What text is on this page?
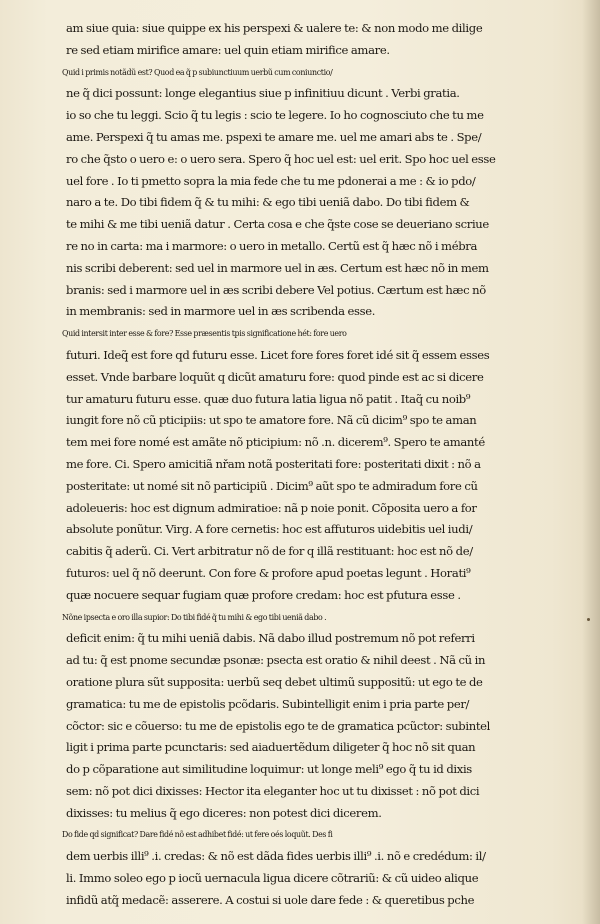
am siue quia: siue quippe ex his perspexi & ualere te: & non modo me dilige
re sed etiam mirifice amare: uel quin etiam mirifice amare.
Quid i primis notãdũ est? Quod ea q̃ p subiunctiuum uerbũ cum coniunctio/
ne q̃ dici possunt: longe elegantius siue p infinitiuu dicunt . Verbi gratia.
io so che tu leggi. Scio q̃ tu legis : scio te legere. Io ho cognosciuto che tu me
ame. Perspexi q̃ tu amas me. pspexi te amare me. uel me amari abs te . Spe/
ro che q̃sto o uero e: o uero sera. Spero q̃ hoc uel est: uel erit. Spo hoc uel esse
uel fore . Io ti pmetto sopra la mia fede che tu me pdonerai a me : & io pdo/
naro a te. Do tibi fidem q̃ & tu mihi: & ego tibi ueniã dabo. Do tibi fidem &
te mihi & me tibi ueniã datur . Certa cosa e che q̃ste cose se deueriano scriue
re no in carta: ma i marmore: o uero in metallo. Certũ est q̃ hæc nõ i mébra
nis scribi deberent: sed uel in marmore uel in æs. Certum est hæc nõ in mem
branis: sed i marmore uel in æs scribi debere Vel potius. Cærtum est hæc nõ
in membranis: sed in marmore uel in æs scribenda esse.
Quid intersit inter esse & fore? Esse præsentis tpis significatione hét: fore uero
futuri. Ideq̃ est fore qd futuru esse. Licet fore fores foret idé sit q̃ essem esses
esset. Vnde barbare loquũt q dicũt amaturu fore: quod pinde est ac si dicere
tur amaturu futuru esse. quæ duo futura latia ligua nõ patit . Itaq̃ cu noib⁹
iungit fore nõ cũ pticipiis: ut spo te amatore fore. Nã cũ dicim⁹ spo te aman
tem mei fore nomé est amãte nõ pticipium: nõ .n. dicerem⁹. Spero te amanté
me fore. Ci. Spero amicitiã nřam notã posteritati fore: posteritati dixit : nõ a
posteritate: ut nomé sit nõ participiũ . Dicim⁹ aũt spo te admiradum fore cũ
adoleueris: hoc est dignum admiratioe: nã p noie ponit. Cõposita uero a for
absolute ponũtur. Virg. A fore cernetis: hoc est affuturos uidebitis uel iudi/
cabitis q̃ aderũ. Ci. Vert arbitratur nõ de for q illã restituant: hoc est nõ de/
futuros: uel q̃ nõ deerunt. Con fore & profore apud poetas legunt . Horati⁹
quæ nocuere sequar fugiam quæ profore credam: hoc est pfutura esse .
Nõne ipsecta e oro illa supior: Do tibi fidé q̃ tu mihi & ego tibi ueniã dabo .
deficit enim: q̃ tu mihi ueniã dabis. Nã dabo illud postremum nõ pot referri
ad tu: q̃ est pnome secundæ psonæ: psecta est oratio & nihil deest . Nã cũ in
oratione plura sũt supposita: uerbũ seq debet ultimũ suppositũ: ut ego te de
gramatica: tu me de epistolis pcõdaris. Subintelligit enim i pria parte per/
cõctor: sic e cõuerso: tu me de epistolis ego te de gramatica pcũctor: subintel
ligit i prima parte pcunctaris: sed aiaduertẽdum diligeter q̃ hoc nõ sit quan
do p cõparatione aut similitudine loquimur: ut longe meli⁹ ego q̃ tu id dixis
sem: nõ pot dici dixisses: Hector ita eleganter hoc ut tu dixisset : nõ pot dici
dixisses: tu melius q̃ ego diceres: non potest dici dicerem.
Do fide qd significat? Dare fidé nõ est adhibet fidé: ut fere oés loquũt. Des fi
dem uerbis illi⁹ .i. credas: & nõ est dãda fides uerbis illi⁹ .i. nõ e credédum: il/
li. Immo soleo ego p iocũ uernacula ligua dicere cõtrariũ: & cũ uideo alique
infidũ atq̃ medacẽ: asserere. A costui si uole dare fede : & queretibus pche
